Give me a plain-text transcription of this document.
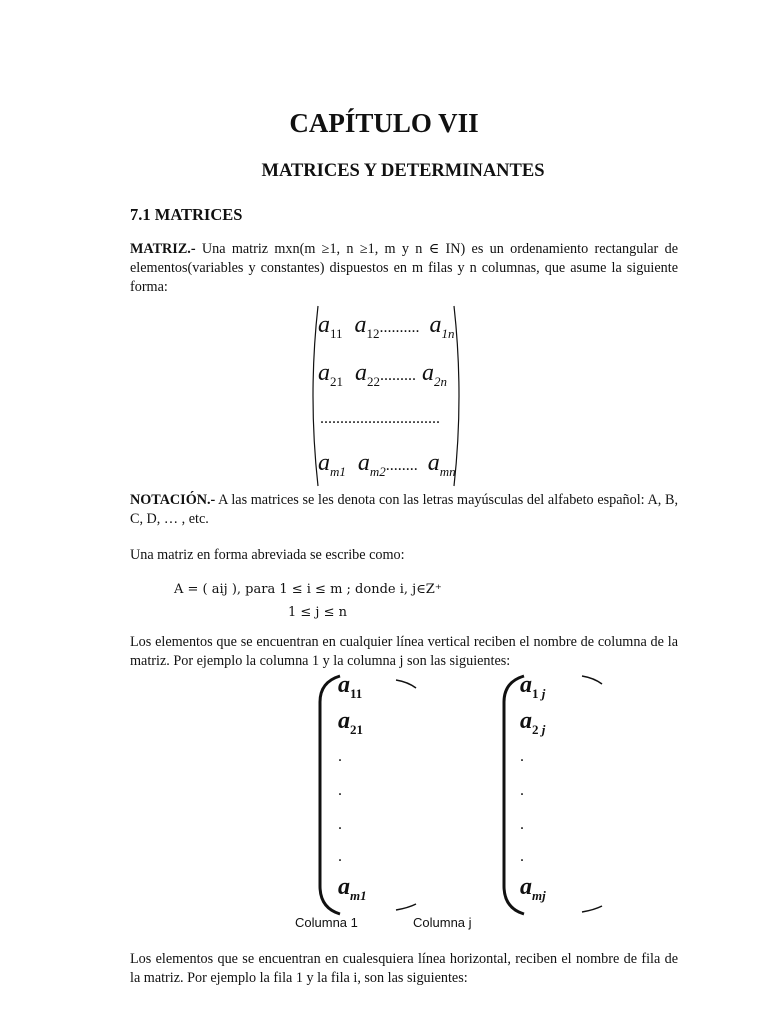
CAPÍTULO VII
MATRICES Y DETERMINANTES
7.1 MATRICES
MATRIZ.- Una matriz mxn(m ≥1, n ≥1, m y n ∈ IN) es un ordenamiento rectangular de elementos(variables y constantes) dispuestos en m filas y n columnas, que asume la siguiente forma:
$a_{11}$ $a_{12}$.......... $a_{1n}$
$a_{21}$ $a_{22}$......... $a_{2n}$
..............................
$a_{m1}$ $a_{m2}$........ $a_{mn}$
NOTACIÓN.- A las matrices se les denota con las letras mayúsculas del alfabeto español: A, B, C, D, … , etc.
Una matriz en forma abreviada se escribe como:
A = ( aij ), para 1 ≤ i ≤ m ; donde i, j∈Z⁺
1 ≤ j ≤ n
Los elementos que se encuentran en cualquier línea vertical reciben el nombre de columna de la matriz. Por ejemplo la columna 1 y la columna j son las siguientes:
$a_{11}$
$a_{21}$
.
.
.
.
$a_{m1}$
Columna 1
$a_1$ $_j$
$a_2$ $_j$
.
.
.
.
$a_{mj}$
Columna j
Los elementos que se encuentran en cualesquiera línea horizontal, reciben el nombre de fila de la matriz. Por ejemplo la fila 1 y la fila i, son las siguientes:
